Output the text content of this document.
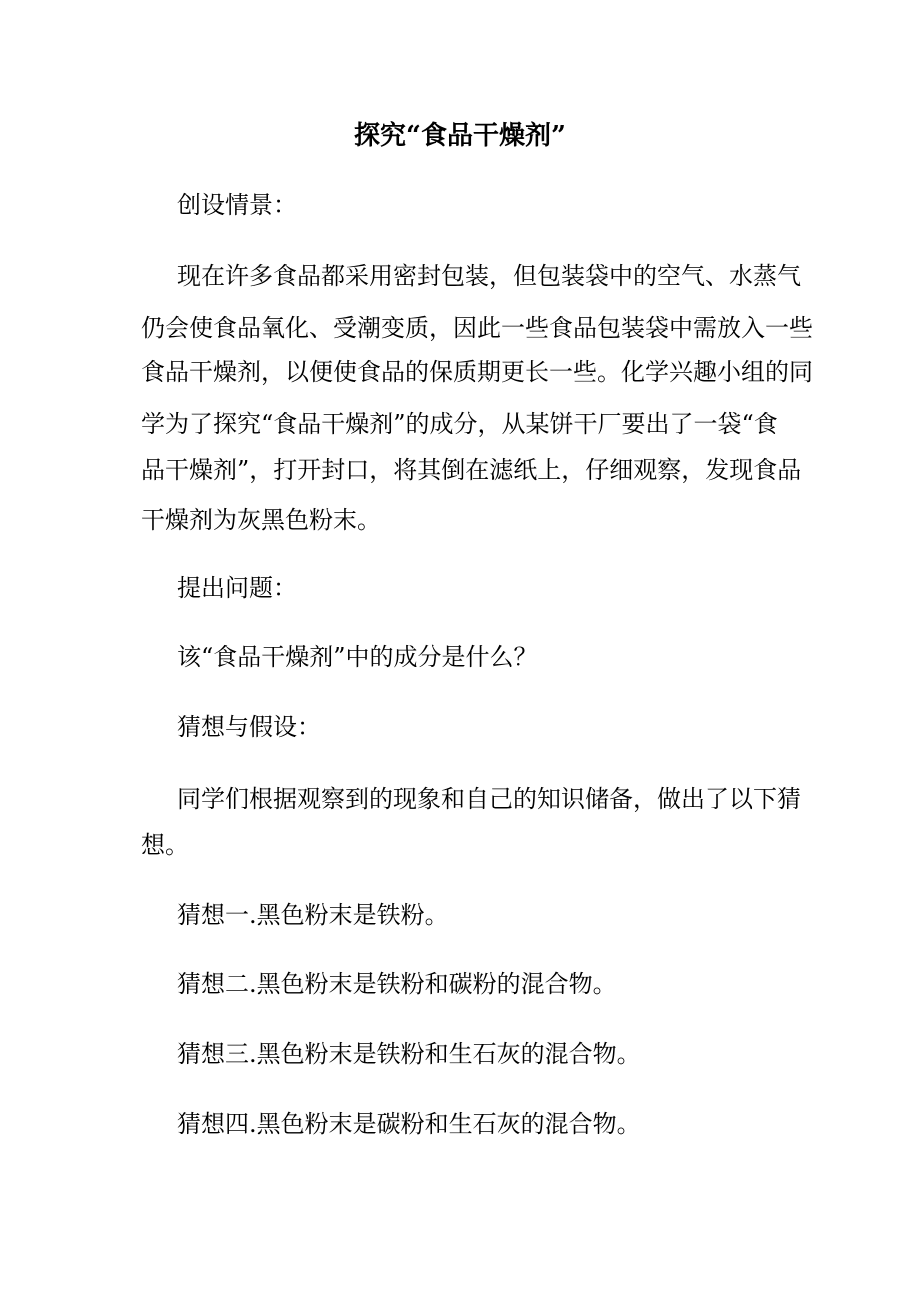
探究“食品干燥剂”

创设情景：

现在许多食品都采用密封包装，但包装袋中的空气、水蒸气

仍会使食品氧化、受潮变质，因此一些食品包装袋中需放入一些

食品干燥剂，以便使食品的保质期更长一些。化学兴趣小组的同

学为了探究“食品干燥剂”的成分，从某饼干厂要出了一袋“食

品干燥剂”，打开封口，将其倒在滤纸上，仔细观察，发现食品

干燥剂为灰黑色粉末。

提出问题：

该“食品干燥剂”中的成分是什么？

猜想与假设：

同学们根据观察到的现象和自己的知识储备，做出了以下猜

想。

猜想一.黑色粉末是铁粉。

猜想二.黑色粉末是铁粉和碳粉的混合物。

猜想三.黑色粉末是铁粉和生石灰的混合物。

猜想四.黑色粉末是碳粉和生石灰的混合物。
